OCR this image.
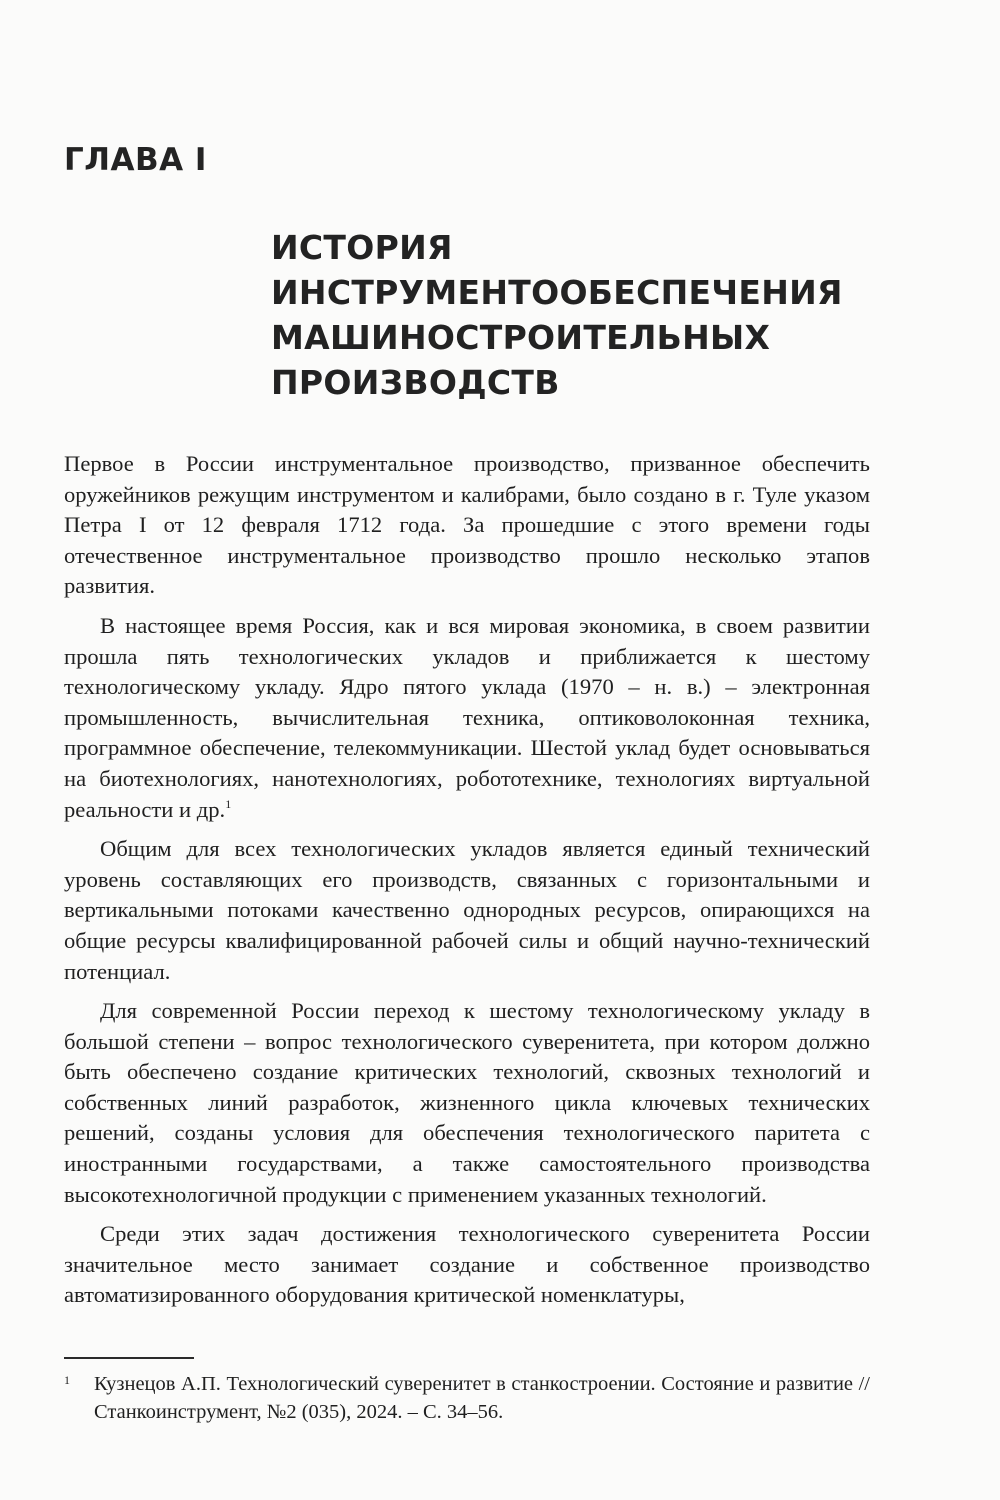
ГЛАВА I
ИСТОРИЯ
ИНСТРУМЕНТООБЕСПЕЧЕНИЯ
МАШИНОСТРОИТЕЛЬНЫХ
ПРОИЗВОДСТВ

Первое в России инструментальное производство, призванное обеспечить оружейников режущим инструментом и калибрами, было создано в г. Туле указом Петра I от 12 февраля 1712 года. За прошедшие с этого времени годы отечественное инструментальное производство прошло несколько этапов развития.

В настоящее время Россия, как и вся мировая экономика, в своем развитии прошла пять технологических укладов и приближается к шестому технологическому укладу. Ядро пятого уклада (1970 – н. в.) – электронная промышленность, вычислительная техника, оптиковолоконная техника, программное обеспечение, телекоммуникации. Шестой уклад будет основываться на биотехнологиях, нанотехнологиях, робототехнике, технологиях виртуальной реальности и др.$^1$

Общим для всех технологических укладов является единый технический уровень составляющих его производств, связанных с горизонтальными и вертикальными потоками качественно однородных ресурсов, опирающихся на общие ресурсы квалифицированной рабочей силы и общий научно-технический потенциал.

Для современной России переход к шестому технологическому укладу в большой степени – вопрос технологического суверенитета, при котором должно быть обеспечено создание критических технологий, сквозных технологий и собственных линий разработок, жизненного цикла ключевых технических решений, созданы условия для обеспечения технологического паритета с иностранными государствами, а также самостоятельного производства высокотехнологичной продукции с применением указанных технологий.

Среди этих задач достижения технологического суверенитета России значительное место занимает создание и собственное производство автоматизированного оборудования критической номенклатуры,

1	Кузнецов А.П. Технологический суверенитет в станкостроении. Состояние и развитие // Станкоинструмент, №2 (035), 2024. – С. 34–56.
